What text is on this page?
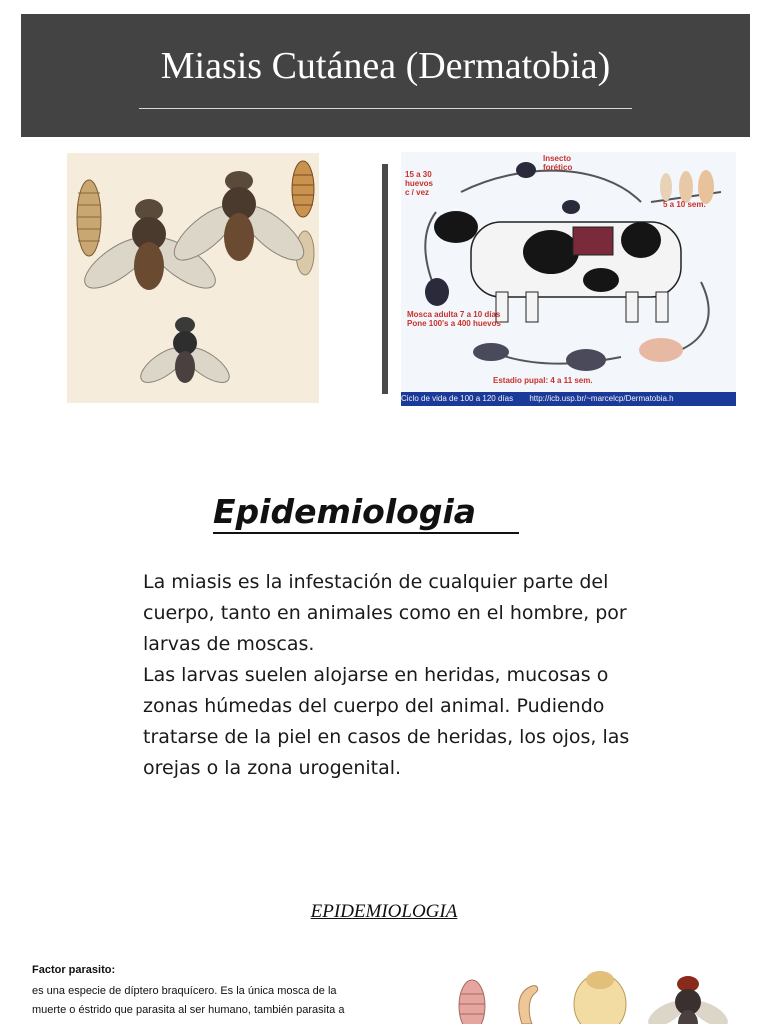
Miasis Cutánea (Dermatobia)
15 a 30
huevos
c / vez
Insecto
forético
5 a 10 sem.
Mosca adulta 7 a 10 días
Pone 100's a 400 huevos
Estadio pupal: 4 a 11 sem.
Ciclo de vida de 100 a 120 días http://icb.usp.br/~marcelcp/Dermatobia.h
Epidemiologia

La miasis es la infestación de cualquier parte del cuerpo, tanto en animales como en el hombre, por larvas de moscas.

Las larvas suelen alojarse en heridas, mucosas o zonas húmedas del cuerpo del animal. Pudiendo tratarse de la piel en casos de heridas, los ojos, las orejas o la zona urogenital.

EPIDEMIOLOGIA
Factor parasito:
es una especie de díptero braquícero. Es la única mosca de la
muerte o éstrido que parasita al ser humano, también parasita a
